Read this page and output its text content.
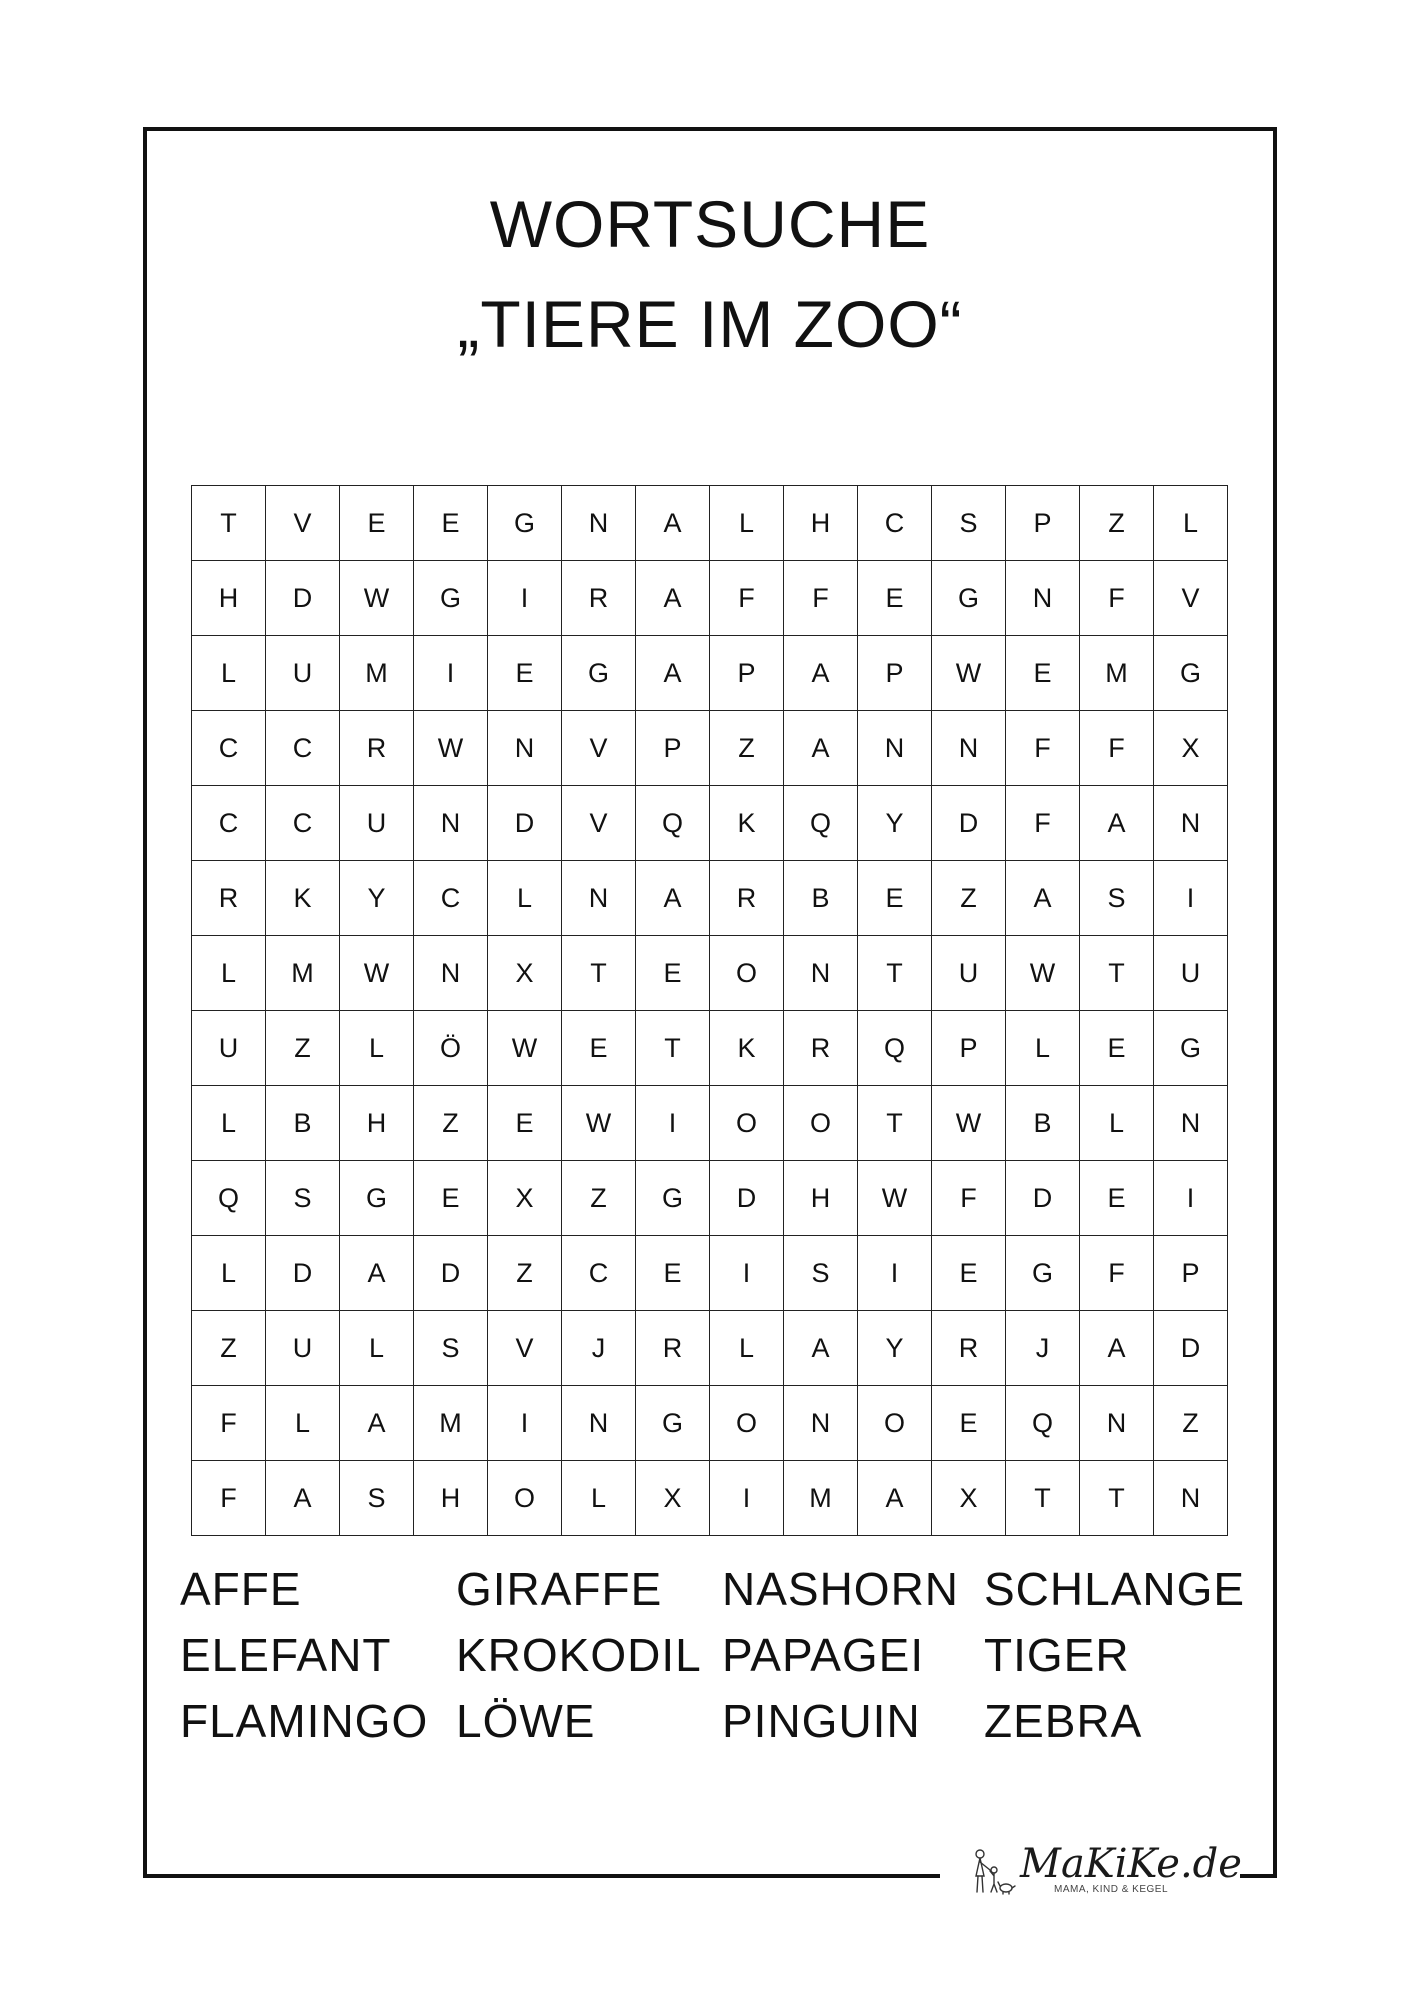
WORTSUCHE
„TIERE IM ZOO“
T	V	E	E	G	N	A	L	H	C	S	P	Z	L
H	D	W	G	I	R	A	F	F	E	G	N	F	V
L	U	M	I	E	G	A	P	A	P	W	E	M	G
C	C	R	W	N	V	P	Z	A	N	N	F	F	X
C	C	U	N	D	V	Q	K	Q	Y	D	F	A	N
R	K	Y	C	L	N	A	R	B	E	Z	A	S	I
L	M	W	N	X	T	E	O	N	T	U	W	T	U
U	Z	L	Ö	W	E	T	K	R	Q	P	L	E	G
L	B	H	Z	E	W	I	O	O	T	W	B	L	N
Q	S	G	E	X	Z	G	D	H	W	F	D	E	I
L	D	A	D	Z	C	E	I	S	I	E	G	F	P
Z	U	L	S	V	J	R	L	A	Y	R	J	A	D
F	L	A	M	I	N	G	O	N	O	E	Q	N	Z
F	A	S	H	O	L	X	I	M	A	X	T	T	N
AFFE
ELEFANT
FLAMINGO
GIRAFFE
KROKODIL
LÖWE
NASHORN
PAPAGEI
PINGUIN
SCHLANGE
TIGER
ZEBRA
MaKiKe.de
MAMA, KIND & KEGEL
